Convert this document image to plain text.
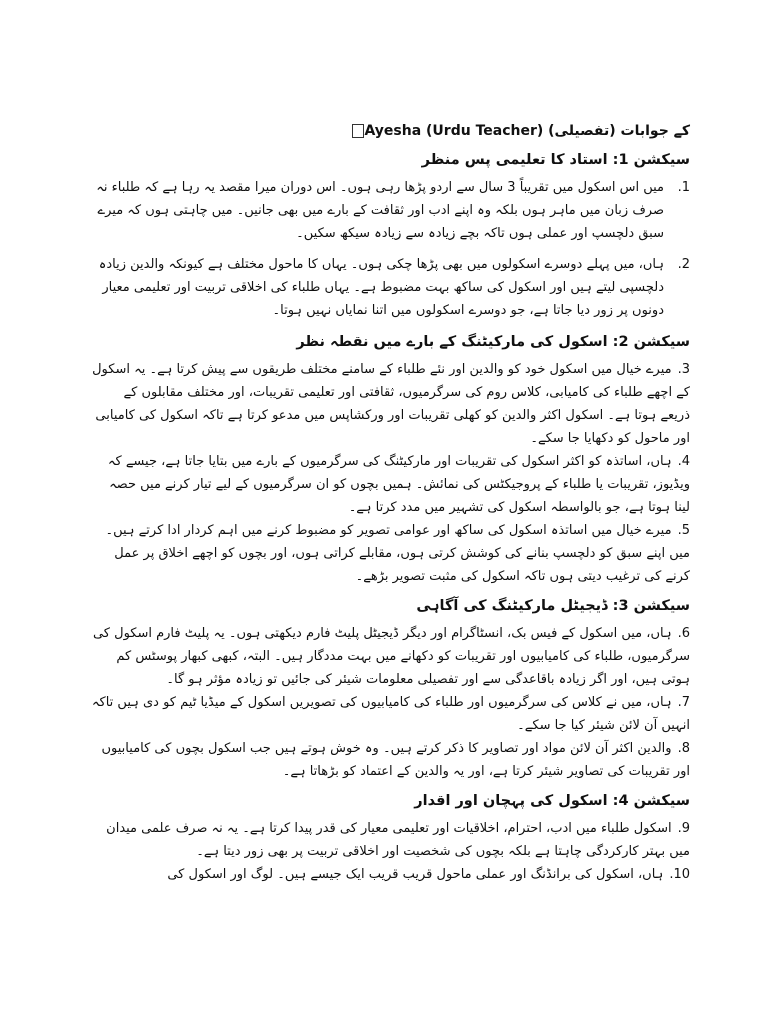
کے جوابات (تفصیلی) Ayesha (Urdu Teacher)
سیکشن 1: استاد کا تعلیمی پس منظر
1.
میں اس اسکول میں تقریباً 3 سال سے اردو پڑھا رہی ہوں۔ اس دوران میرا مقصد یہ رہا ہے کہ طلباء نہ صرف زبان میں ماہر ہوں بلکہ وہ اپنے ادب اور ثقافت کے بارے میں بھی جانیں۔ میں چاہتی ہوں کہ میرے سبق دلچسپ اور عملی ہوں تاکہ بچے زیادہ سے زیادہ سیکھ سکیں۔
2.
ہاں، میں پہلے دوسرے اسکولوں میں بھی پڑھا چکی ہوں۔ یہاں کا ماحول مختلف ہے کیونکہ والدین زیادہ دلچسپی لیتے ہیں اور اسکول کی ساکھ بہت مضبوط ہے۔ یہاں طلباء کی اخلاقی تربیت اور تعلیمی معیار دونوں پر زور دیا جاتا ہے، جو دوسرے اسکولوں میں اتنا نمایاں نہیں ہوتا۔
سیکشن 2: اسکول کی مارکیٹنگ کے بارے میں نقطہ نظر
3.میرے خیال میں اسکول خود کو والدین اور نئے طلباء کے سامنے مختلف طریقوں سے پیش کرتا ہے۔ یہ اسکول کے اچھے طلباء کی کامیابی، کلاس روم کی سرگرمیوں، ثقافتی اور تعلیمی تقریبات، اور مختلف مقابلوں کے ذریعے ہوتا ہے۔ اسکول اکثر والدین کو کھلی تقریبات اور ورکشاپس میں مدعو کرتا ہے تاکہ اسکول کی کامیابی اور ماحول کو دکھایا جا سکے۔
4.ہاں، اساتذہ کو اکثر اسکول کی تقریبات اور مارکیٹنگ کی سرگرمیوں کے بارے میں بتایا جاتا ہے، جیسے کہ ویڈیوز، تقریبات یا طلباء کے پروجیکٹس کی نمائش۔ ہمیں بچوں کو ان سرگرمیوں کے لیے تیار کرنے میں حصہ لینا ہوتا ہے، جو بالواسطہ اسکول کی تشہیر میں مدد کرتا ہے۔
5.میرے خیال میں اساتذہ اسکول کی ساکھ اور عوامی تصویر کو مضبوط کرنے میں اہم کردار ادا کرتے ہیں۔ میں اپنے سبق کو دلچسپ بنانے کی کوشش کرتی ہوں، مقابلے کراتی ہوں، اور بچوں کو اچھے اخلاق پر عمل کرنے کی ترغیب دیتی ہوں تاکہ اسکول کی مثبت تصویر بڑھے۔
سیکشن 3: ڈیجیٹل مارکیٹنگ کی آگاہی
6.ہاں، میں اسکول کے فیس بک، انسٹاگرام اور دیگر ڈیجیٹل پلیٹ فارم دیکھتی ہوں۔ یہ پلیٹ فارم اسکول کی سرگرمیوں، طلباء کی کامیابیوں اور تقریبات کو دکھانے میں بہت مددگار ہیں۔ البتہ، کبھی کبھار پوسٹس کم ہوتی ہیں، اور اگر زیادہ باقاعدگی سے اور تفصیلی معلومات شیئر کی جائیں تو زیادہ مؤثر ہو گا۔
7.ہاں، میں نے کلاس کی سرگرمیوں اور طلباء کی کامیابیوں کی تصویریں اسکول کے میڈیا ٹیم کو دی ہیں تاکہ انہیں آن لائن شیئر کیا جا سکے۔
8.والدین اکثر آن لائن مواد اور تصاویر کا ذکر کرتے ہیں۔ وہ خوش ہوتے ہیں جب اسکول بچوں کی کامیابیوں اور تقریبات کی تصاویر شیئر کرتا ہے، اور یہ والدین کے اعتماد کو بڑھاتا ہے۔
سیکشن 4: اسکول کی پہچان اور اقدار
9.اسکول طلباء میں ادب، احترام، اخلاقیات اور تعلیمی معیار کی قدر پیدا کرتا ہے۔ یہ نہ صرف علمی میدان میں بہتر کارکردگی چاہتا ہے بلکہ بچوں کی شخصیت اور اخلاقی تربیت پر بھی زور دیتا ہے۔
10.ہاں، اسکول کی برانڈنگ اور عملی ماحول قریب قریب ایک جیسے ہیں۔ لوگ اور اسکول کی
